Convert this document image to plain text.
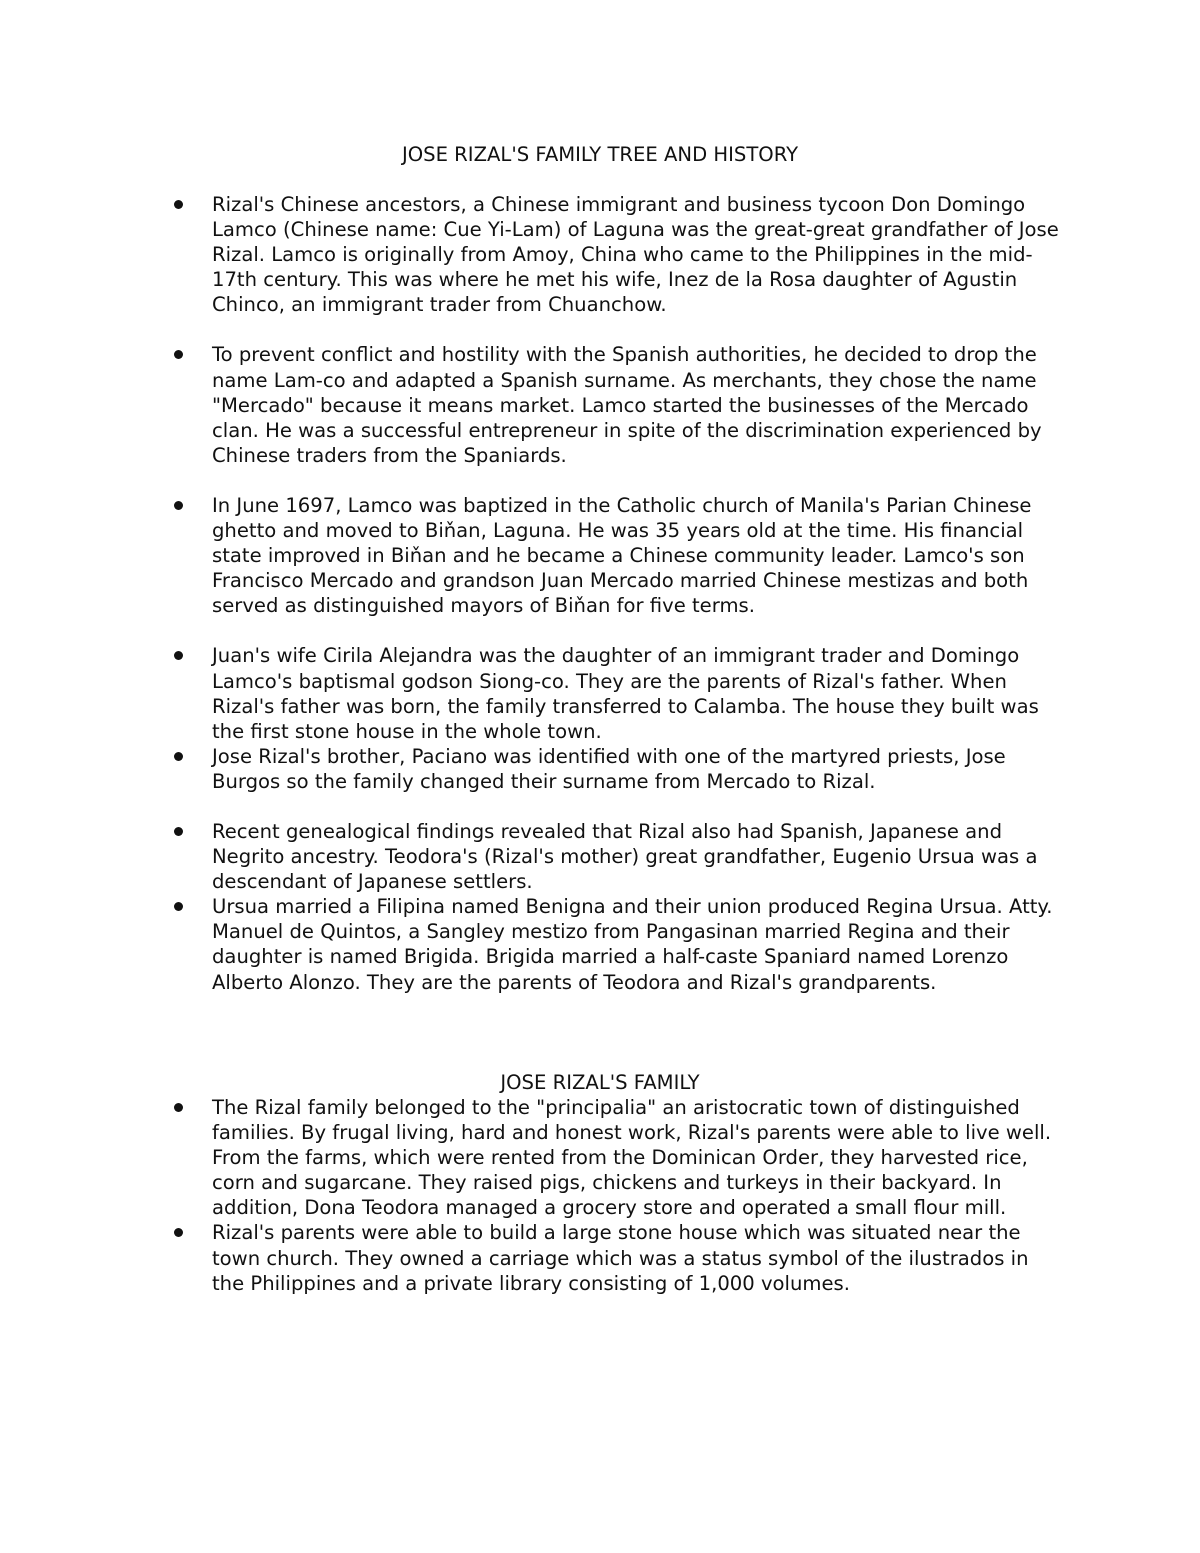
JOSE RIZAL'S FAMILY TREE AND HISTORY
Rizal's Chinese ancestors, a Chinese immigrant and business tycoon Don Domingo Lamco (Chinese name: Cue Yi-Lam) of Laguna was the great-great grandfather of Jose Rizal. Lamco is originally from Amoy, China who came to the Philippines in the mid-17th century. This was where he met his wife, Inez de la Rosa daughter of Agustin Chinco, an immigrant trader from Chuanchow.
To prevent conflict and hostility with the Spanish authorities, he decided to drop the name Lam-co and adapted a Spanish surname. As merchants, they chose the name "Mercado" because it means market. Lamco started the businesses of the Mercado clan. He was a successful entrepreneur in spite of the discrimination experienced by Chinese traders from the Spaniards.
In June 1697, Lamco was baptized in the Catholic church of Manila's Parian Chinese ghetto and moved to Biňan, Laguna. He was 35 years old at the time. His financial state improved in Biňan and he became a Chinese community leader. Lamco's son Francisco Mercado and grandson Juan Mercado married Chinese mestizas and both served as distinguished mayors of Biňan for five terms.
Juan's wife Cirila Alejandra was the daughter of an immigrant trader and Domingo Lamco's baptismal godson Siong-co. They are the parents of Rizal's father. When Rizal's father was born, the family transferred to Calamba. The house they built was the first stone house in the whole town.
Jose Rizal's brother, Paciano was identified with one of the martyred priests, Jose Burgos so the family changed their surname from Mercado to Rizal.
Recent genealogical findings revealed that Rizal also had Spanish, Japanese and Negrito ancestry. Teodora's (Rizal's mother) great grandfather, Eugenio Ursua was a descendant of Japanese settlers.
Ursua married a Filipina named Benigna and their union produced Regina Ursua. Atty. Manuel de Quintos, a Sangley mestizo from Pangasinan married Regina and their daughter is named Brigida. Brigida married a half-caste Spaniard named Lorenzo Alberto Alonzo. They are the parents of Teodora and Rizal's grandparents.
JOSE RIZAL'S FAMILY
The Rizal family belonged to the "principalia" an aristocratic town of distinguished families. By frugal living, hard and honest work, Rizal's parents were able to live well. From the farms, which were rented from the Dominican Order, they harvested rice, corn and sugarcane. They raised pigs, chickens and turkeys in their backyard. In addition, Dona Teodora managed a grocery store and operated a small flour mill.
Rizal's parents were able to build a large stone house which was situated near the town church. They owned a carriage which was a status symbol of the ilustrados in the Philippines and a private library consisting of 1,000 volumes.
